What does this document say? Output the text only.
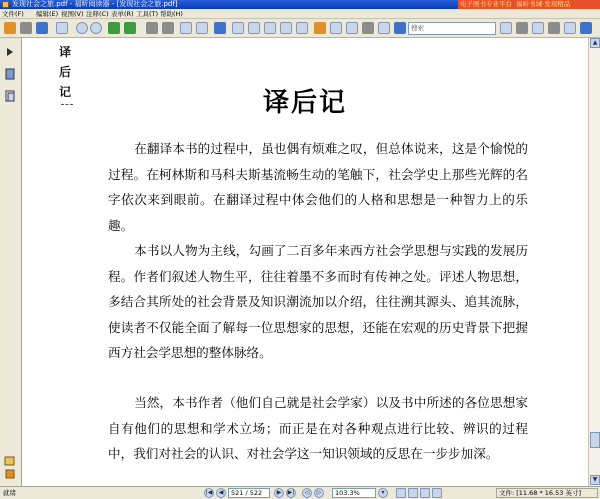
发现社会之旅.pdf - 福昕阅读器 - [发现社会之旅.pdf]	电子图书专业平台 福昕书城·发现精品
文件(F) 编辑(E) 视图(V) 注释(C) 表单(R) 工具(T) 帮助(H)
搜索
译
后
记	译后记
在翻译本书的过程中，虽也偶有烦难之叹，但总体说来，这是个愉悦的过程。在柯林斯和马科夫斯基流畅生动的笔触下，社会学史上那些光辉的名字依次来到眼前。在翻译过程中体会他们的人格和思想是一种智力上的乐趣。
本书以人物为主线，勾画了二百多年来西方社会学思想与实践的发展历程。作者们叙述人物生平，往往着墨不多而时有传神之处。评述人物思想，多结合其所处的社会背景及知识潮流加以介绍，往往溯其源头、追其流脉，使读者不仅能全面了解每一位思想家的思想，还能在宏观的历史背景下把握西方社会学思想的整体脉络。
当然，本书作者（他们自己就是社会学家）以及书中所述的各位思想家自有他们的思想和学术立场；而正是在对各种观点进行比较、辨识的过程中，我们对社会的认识、对社会学这一知识领域的反思在一步步加深。
▲
▼
就绪	|◀	◀	521 / 522	▶	▶|	◁	▷	103.3%	▾	文件: [11.68 * 16.53 英寸]
